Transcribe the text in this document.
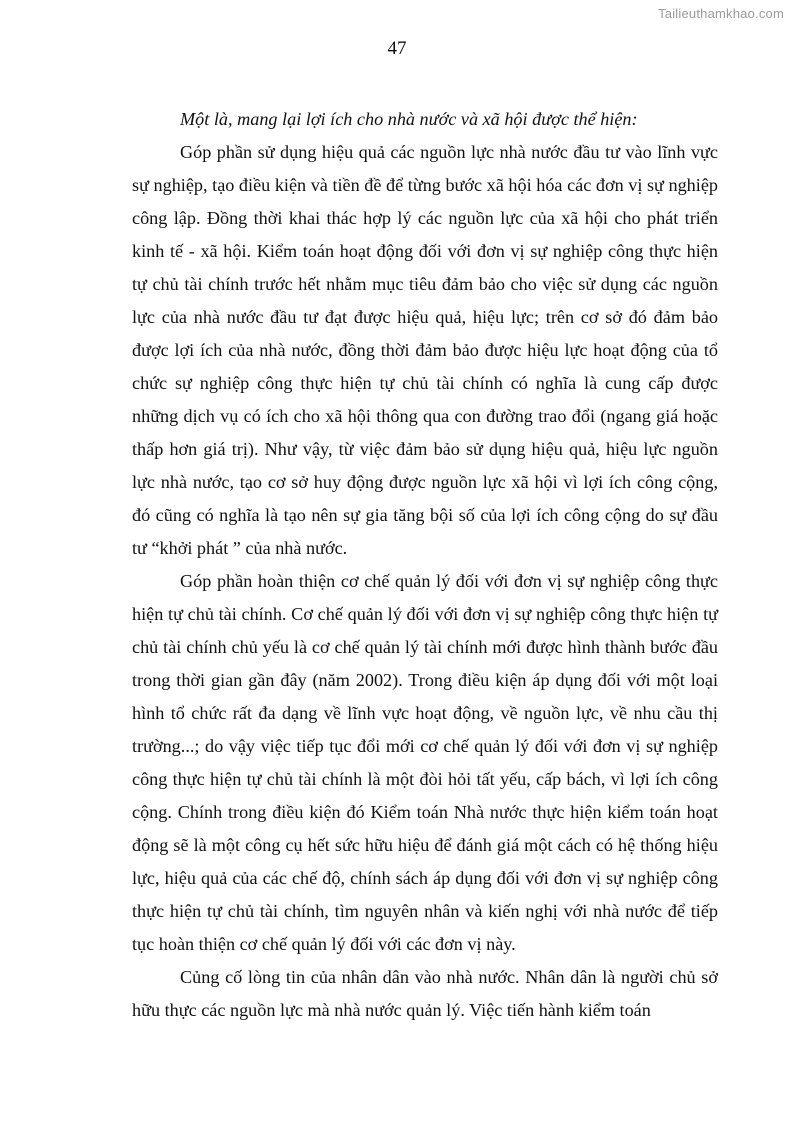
Tailieuthamkhao.com
47

Một là, mang lại lợi ích cho nhà nước và xã hội được thể hiện:

Góp phần sử dụng hiệu quả các nguồn lực nhà nước đầu tư vào lĩnh vực sự nghiệp, tạo điều kiện và tiền đề để từng bước xã hội hóa các đơn vị sự nghiệp công lập. Đồng thời khai thác hợp lý các nguồn lực của xã hội cho phát triển kinh tế - xã hội. Kiểm toán hoạt động đối với đơn vị sự nghiệp công thực hiện tự chủ tài chính trước hết nhằm mục tiêu đảm bảo cho việc sử dụng các nguồn lực của nhà nước đầu tư đạt được hiệu quả, hiệu lực; trên cơ sở đó đảm bảo được lợi ích của nhà nước, đồng thời đảm bảo được hiệu lực hoạt động của tổ chức sự nghiệp công thực hiện tự chủ tài chính có nghĩa là cung cấp được những dịch vụ có ích cho xã hội thông qua con đường trao đổi (ngang giá hoặc thấp hơn giá trị). Như vậy, từ việc đảm bảo sử dụng hiệu quả, hiệu lực nguồn lực nhà nước, tạo cơ sở huy động được nguồn lực xã hội vì lợi ích công cộng, đó cũng có nghĩa là tạo nên sự gia tăng bội số của lợi ích công cộng do sự đầu tư “khởi phát ” của nhà nước.

Góp phần hoàn thiện cơ chế quản lý đối với đơn vị sự nghiệp công thực hiện tự chủ tài chính. Cơ chế quản lý đối với đơn vị sự nghiệp công thực hiện tự chủ tài chính chủ yếu là cơ chế quản lý tài chính mới được hình thành bước đầu trong thời gian gần đây (năm 2002). Trong điều kiện áp dụng đối với một loại hình tổ chức rất đa dạng về lĩnh vực hoạt động, về nguồn lực, về nhu cầu thị trường...; do vậy việc tiếp tục đổi mới cơ chế quản lý đối với đơn vị sự nghiệp công thực hiện tự chủ tài chính là một đòi hỏi tất yếu, cấp bách, vì lợi ích công cộng. Chính trong điều kiện đó Kiểm toán Nhà nước thực hiện kiểm toán hoạt động sẽ là một công cụ hết sức hữu hiệu để đánh giá một cách có hệ thống hiệu lực, hiệu quả của các chế độ, chính sách áp dụng đối với đơn vị sự nghiệp công thực hiện tự chủ tài chính, tìm nguyên nhân và kiến nghị với nhà nước để tiếp tục hoàn thiện cơ chế quản lý đối với các đơn vị này.

Củng cố lòng tin của nhân dân vào nhà nước. Nhân dân là người chủ sở hữu thực các nguồn lực mà nhà nước quản lý. Việc tiến hành kiểm toán
